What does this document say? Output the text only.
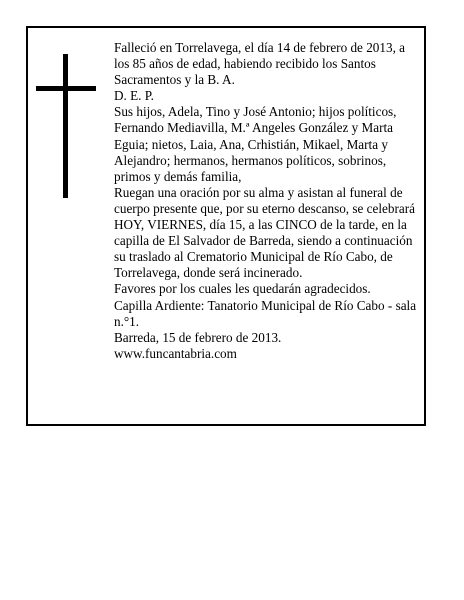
Falleció en Torrelavega, el día 14 de febrero de 2013, a los 85 años de edad, habiendo recibido los Santos Sacramentos y la B. A.

D. E. P.

Sus hijos, Adela, Tino y José Antonio; hijos políticos, Fernando Mediavilla, M.ª Angeles González y Marta Eguia; nietos, Laia, Ana, Crhistián, Mikael, Marta y Alejandro; hermanos, hermanos políticos, sobrinos, primos y demás familia,

Ruegan una oración por su alma y asistan al funeral de cuerpo presente que, por su eterno descanso, se celebrará HOY, VIERNES, día 15, a las CINCO de la tarde, en la capilla de El Salvador de Barreda, siendo a continuación su traslado al Crematorio Municipal de Río Cabo, de Torrelavega, donde será incinerado.

Favores por los cuales les quedarán agradecidos.

Capilla Ardiente: Tanatorio Municipal de Río Cabo - sala n.°1.

Barreda, 15 de febrero de 2013.

www.funcantabria.com
